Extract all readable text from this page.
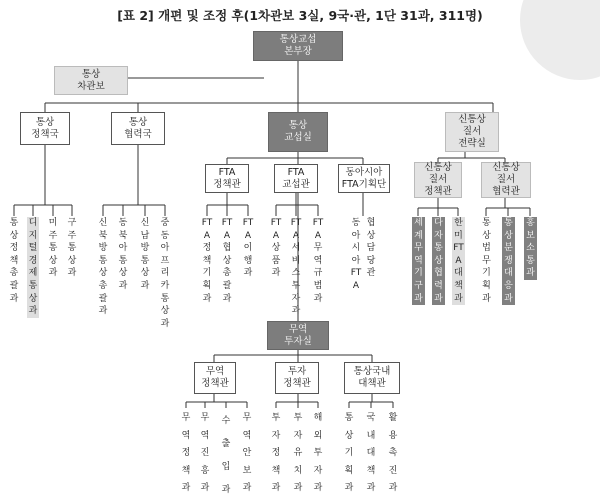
[표 2] 개편 및 조정 후(1차관보 3실, 9국·관, 1단 31과, 311명)
통상교섭
본부장
통상
차관보
통상
정책국
통상
협력국
통상
교섭실
신통상
질서
전략실
FTA
정책관
FTA
교섭관
동아시아
FTA기획단
신통상
질서
정책관
신통상
질서
협력관
통상정책총괄과
디지털경제통상과
미주통상과
구주통상과
신북방통상총괄과
동북아통상과
신남방통상과
중동아프리카통상과
FTA정책기획과
FTA협상총괄과
FTA이행과
FTA상품과
FTA서비스투자과
FTA무역규범과
동아시아FTA
협상담당관
세계무역기구과
다자통상협력과
한미FTA대책과
통상법무기획과
통상분쟁대응과
홍보소통과
무역
투자실
무역
정책관
투자
정책관
통상국내
대책관
무역정책과
무역진흥과
수출입과
무역안보과
투자정책과
투자유치과
해외투자과
통상기획과
국내대책과
활용촉진과
